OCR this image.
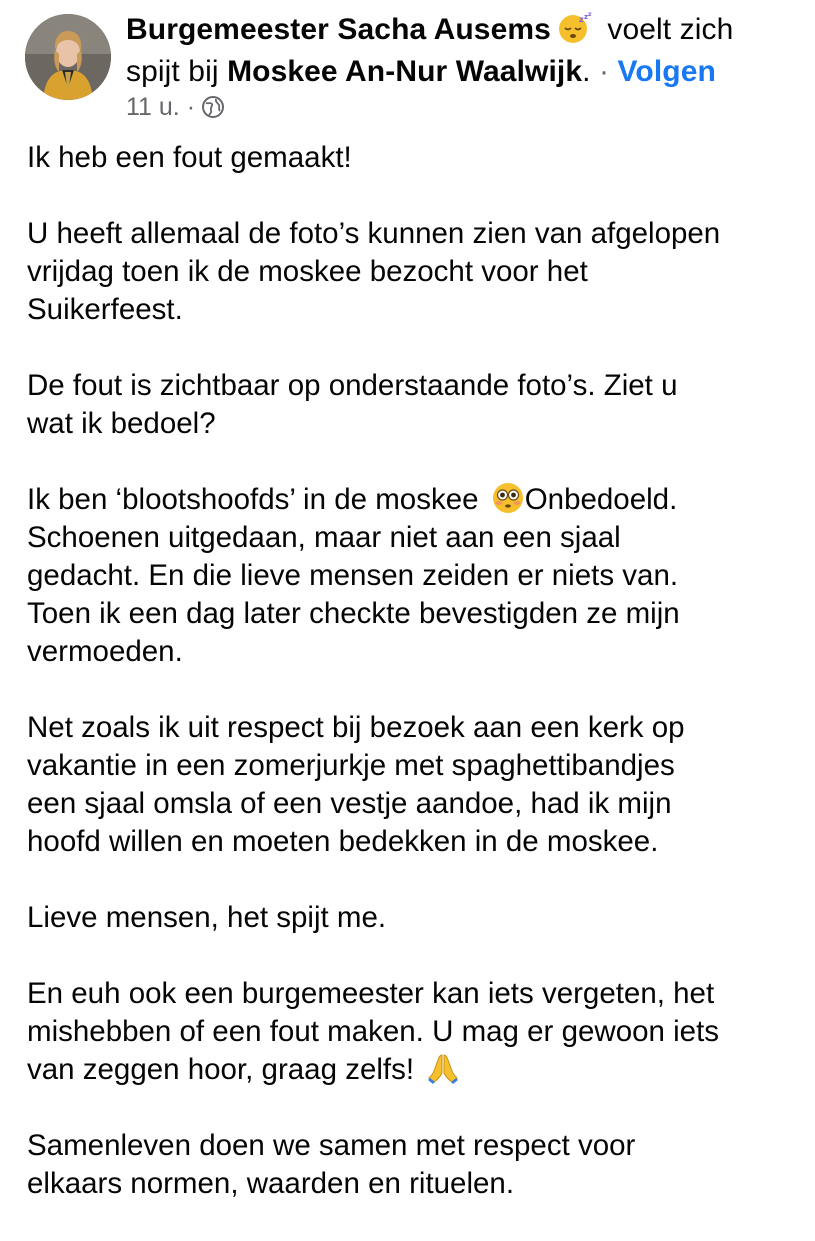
Burgemeester Sacha Ausems	z z z voelt zich
spijt bij Moskee An-Nur Waalwijk. · Volgen
11 u. ·

Ik heb een fout gemaakt!

U heeft allemaal de foto’s kunnen zien van afgelopen
vrijdag toen ik de moskee bezocht voor het
Suikerfeest.

De fout is zichtbaar op onderstaande foto’s. Ziet u
wat ik bedoel?

Ik ben ‘blootshoofds’ in de moskee
Onbedoeld.
Schoenen uitgedaan, maar niet aan een sjaal
gedacht. En die lieve mensen zeiden er niets van.
Toen ik een dag later checkte bevestigden ze mijn
vermoeden.

Net zoals ik uit respect bij bezoek aan een kerk op
vakantie in een zomerjurkje met spaghettibandjes
een sjaal omsla of een vestje aandoe, had ik mijn
hoofd willen en moeten bedekken in de moskee.

Lieve mensen, het spijt me.

En euh ook een burgemeester kan iets vergeten, het
mishebben of een fout maken. U mag er gewoon iets
van zeggen hoor, graag zelfs!

Samenleven doen we samen met respect voor
elkaars normen, waarden en rituelen.
